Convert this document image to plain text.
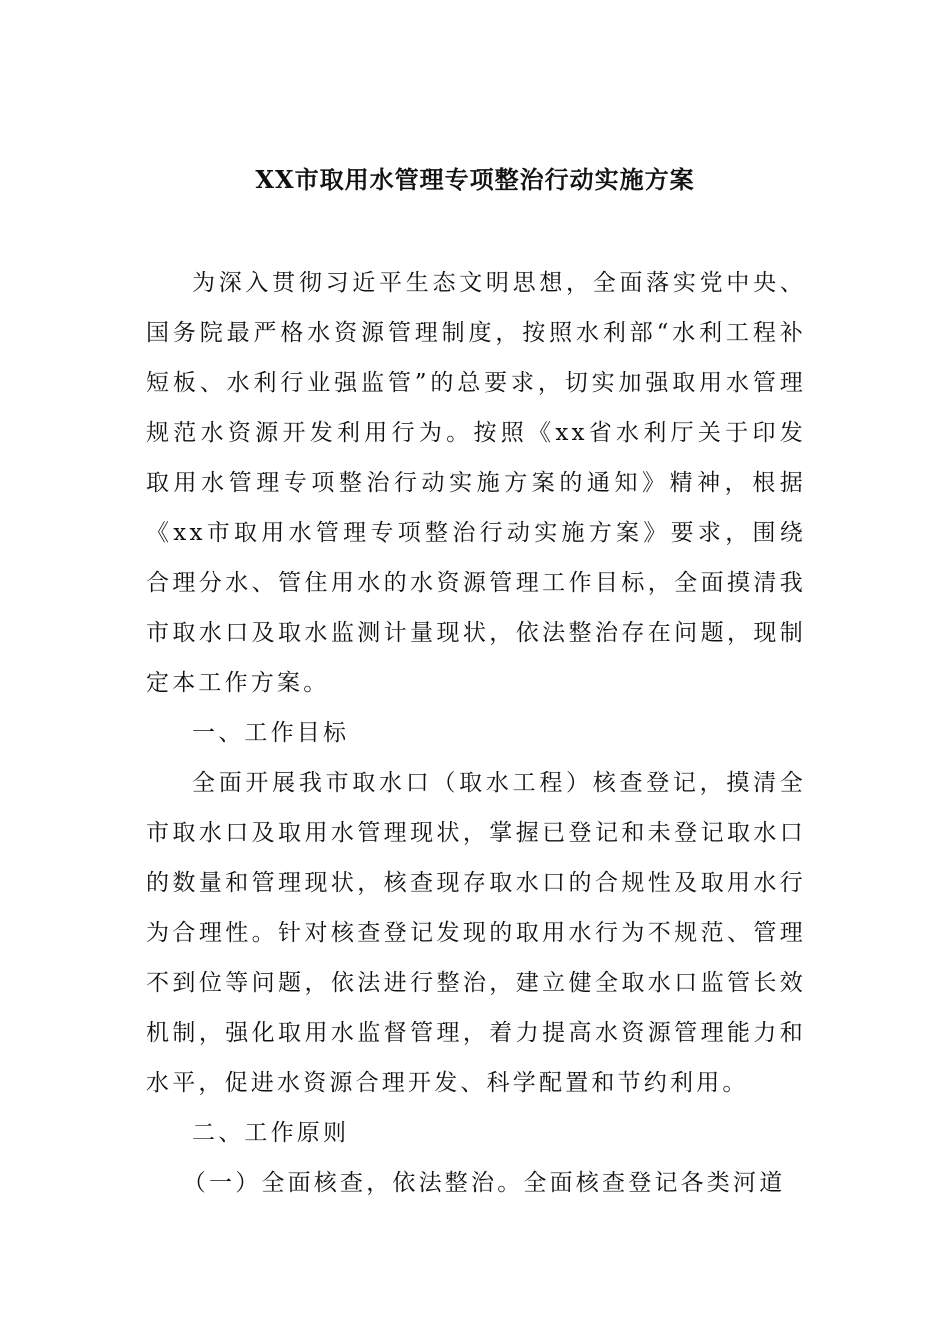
XX市取用水管理专项整治行动实施方案

为深入贯彻习近平生态文明思想，全面落实党中央、国务院最严格水资源管理制度，按照水利部“水利工程补短板、水利行业强监管”的总要求，切实加强取用水管理规范水资源开发利用行为。按照《xx省水利厅关于印发取用水管理专项整治行动实施方案的通知》精神，根据《xx市取用水管理专项整治行动实施方案》要求，围绕合理分水、管住用水的水资源管理工作目标，全面摸清我市取水口及取水监测计量现状，依法整治存在问题，现制定本工作方案。

一、工作目标

全面开展我市取水口（取水工程）核查登记，摸清全市取水口及取用水管理现状，掌握已登记和未登记取水口的数量和管理现状，核查现存取水口的合规性及取用水行为合理性。针对核查登记发现的取用水行为不规范、管理不到位等问题，依法进行整治，建立健全取水口监管长效机制，强化取用水监督管理，着力提高水资源管理能力和水平，促进水资源合理开发、科学配置和节约利用。

二、工作原则

（一）全面核查，依法整治。全面核查登记各类河道
